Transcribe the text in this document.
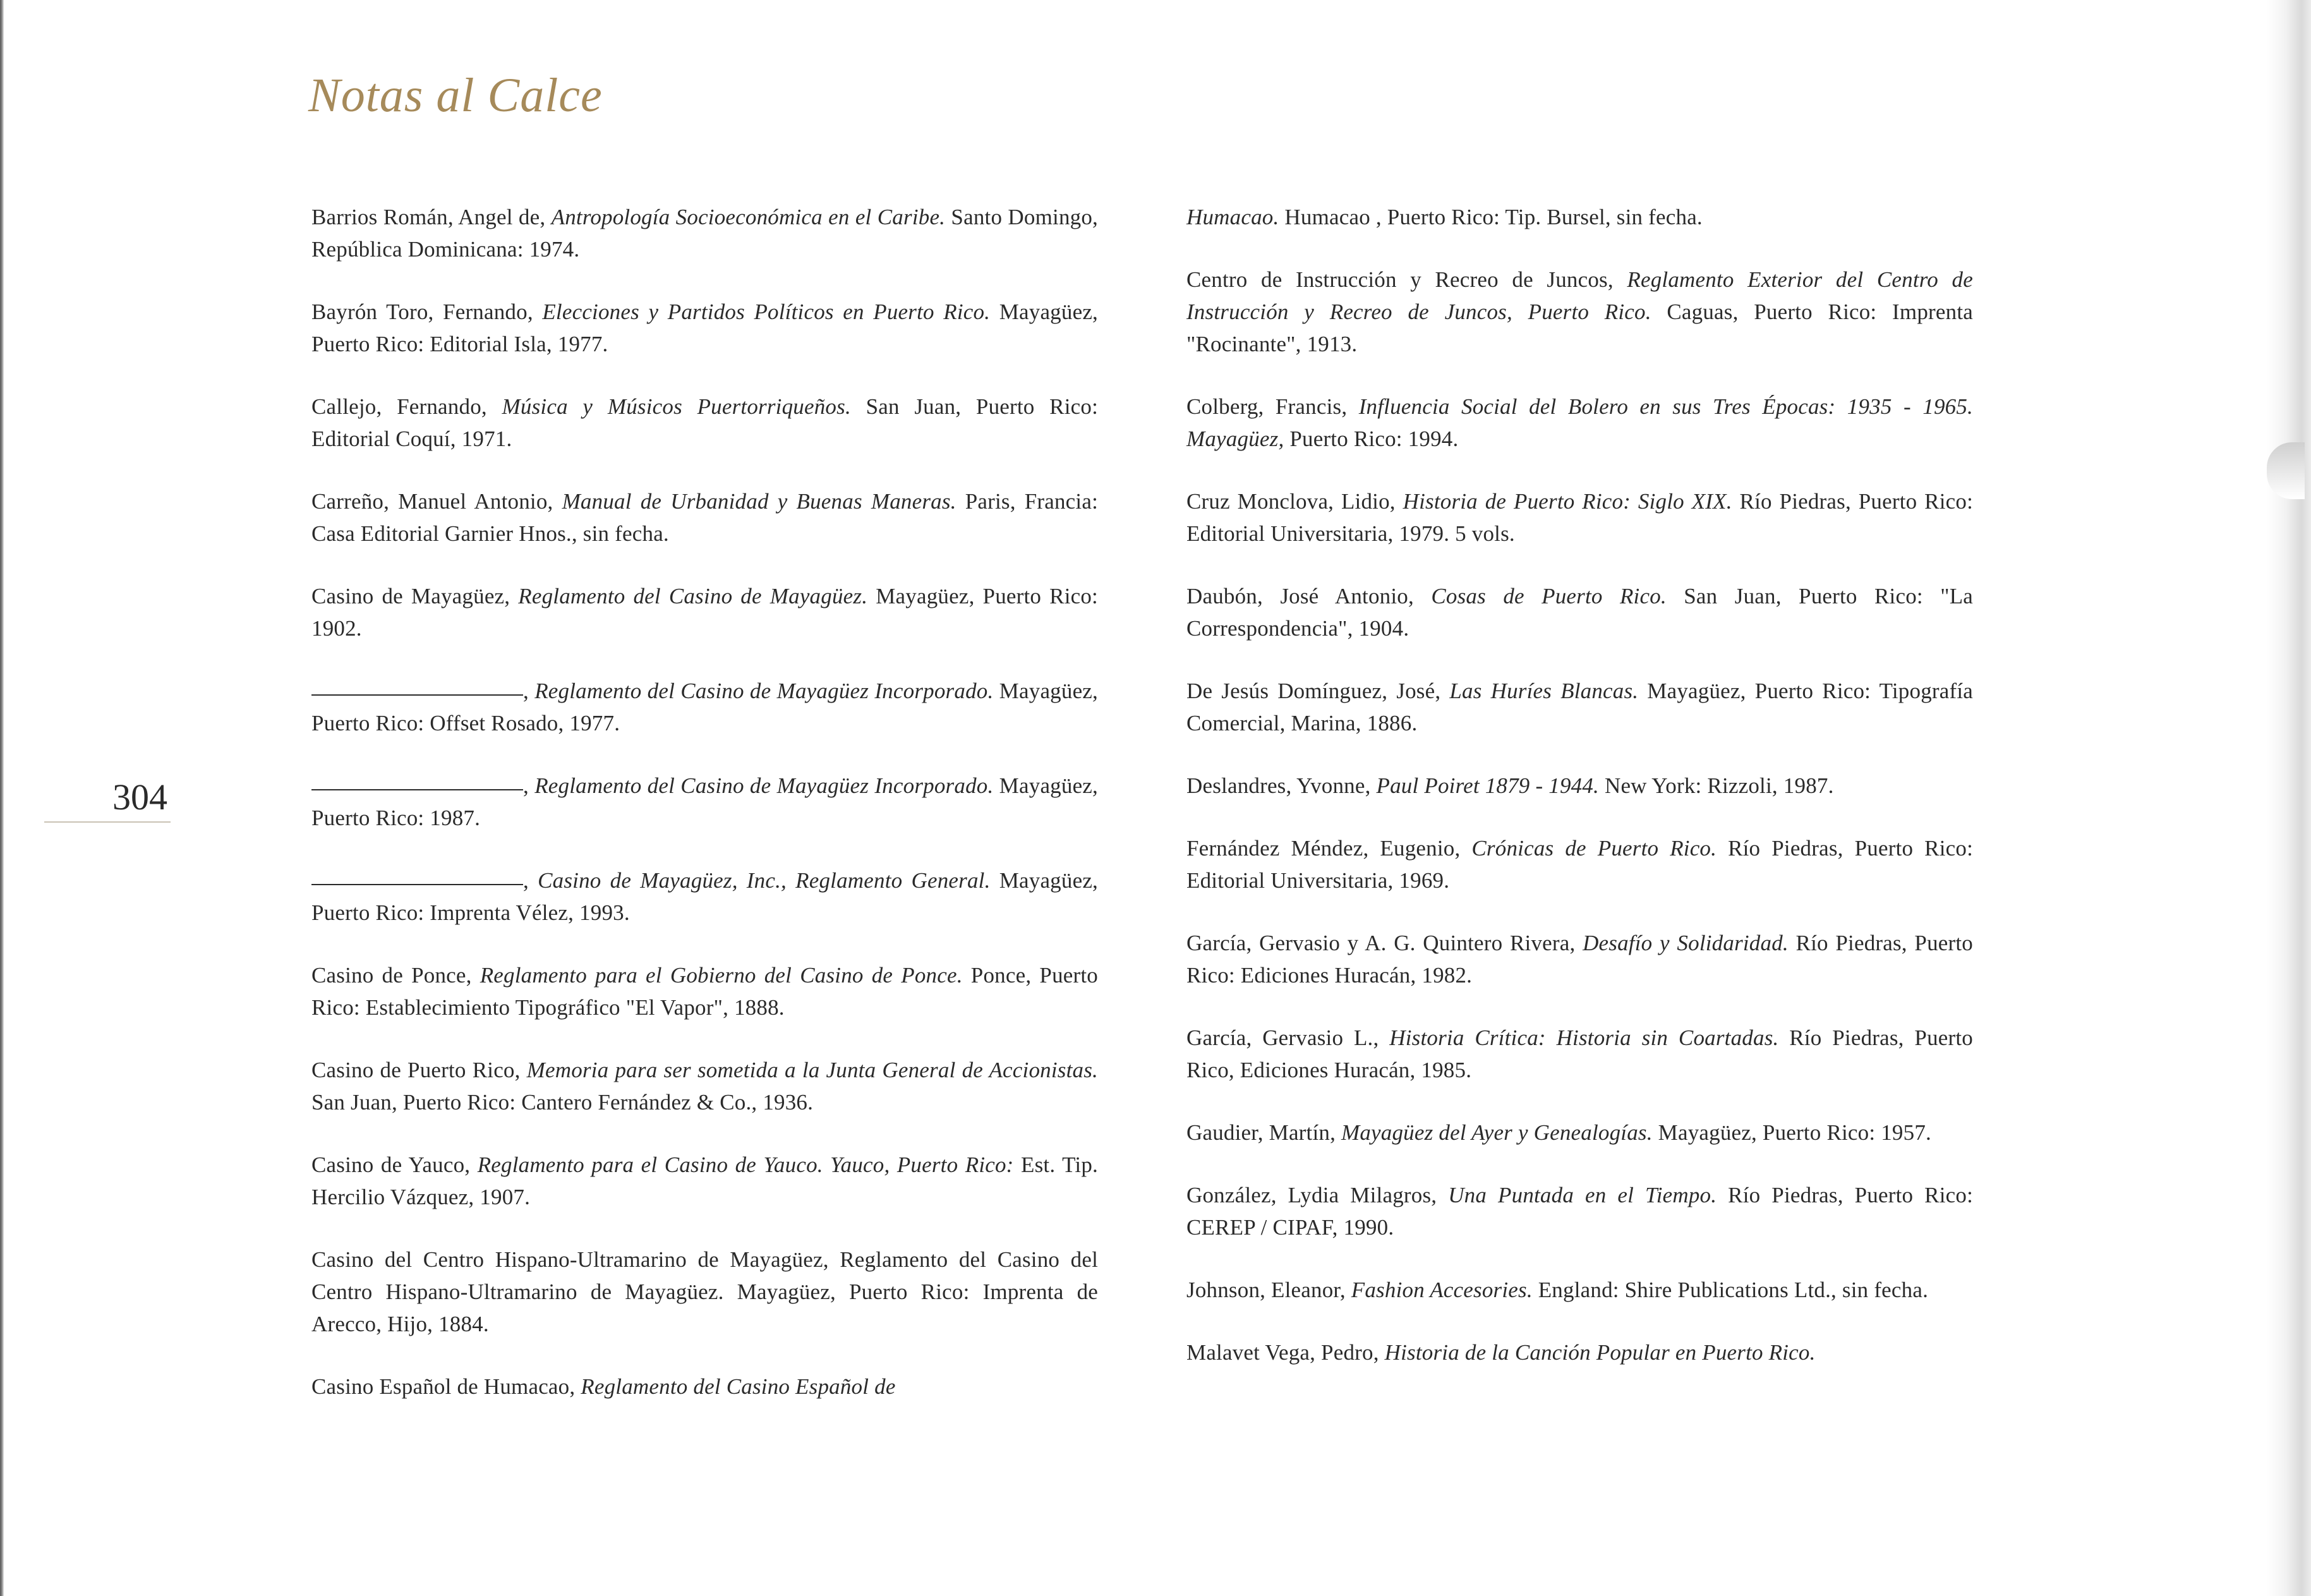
Notas al Calce
304

Barrios Román, Angel de, Antropología Socioeconómica en el Caribe. Santo Domingo, República Dominicana: 1974.

Bayrón Toro, Fernando, Elecciones y Partidos Políticos en Puerto Rico. Mayagüez, Puerto Rico: Editorial Isla, 1977.

Callejo, Fernando, Música y Músicos Puertorriqueños. San Juan, Puerto Rico: Editorial Coquí, 1971.

Carreño, Manuel Antonio, Manual de Urbanidad y Buenas Maneras. Paris, Francia: Casa Editorial Garnier Hnos., sin fecha.

Casino de Mayagüez, Reglamento del Casino de Mayagüez. Mayagüez, Puerto Rico: 1902.

, Reglamento del Casino de Mayagüez Incorporado. Mayagüez, Puerto Rico: Offset Rosado, 1977.

, Reglamento del Casino de Mayagüez Incorporado. Mayagüez, Puerto Rico: 1987.

, Casino de Mayagüez, Inc., Reglamento General. Mayagüez, Puerto Rico: Imprenta Vélez, 1993.

Casino de Ponce, Reglamento para el Gobierno del Casino de Ponce. Ponce, Puerto Rico: Establecimiento Tipográfico "El Vapor", 1888.

Casino de Puerto Rico, Memoria para ser sometida a la Junta General de Accionistas. San Juan, Puerto Rico: Cantero Fernández & Co., 1936.

Casino de Yauco, Reglamento para el Casino de Yauco. Yauco, Puerto Rico: Est. Tip. Hercilio Vázquez, 1907.

Casino del Centro Hispano-Ultramarino de Mayagüez, Reglamento del Casino del Centro Hispano-Ultramarino de Mayagüez. Mayagüez, Puerto Rico: Imprenta de Arecco, Hijo, 1884.

Casino Español de Humacao, Reglamento del Casino Español de

Humacao. Humacao , Puerto Rico: Tip. Bursel, sin fecha.

Centro de Instrucción y Recreo de Juncos, Reglamento Exterior del Centro de Instrucción y Recreo de Juncos, Puerto Rico. Caguas, Puerto Rico: Imprenta "Rocinante", 1913.

Colberg, Francis, Influencia Social del Bolero en sus Tres Épocas: 1935 - 1965. Mayagüez, Puerto Rico: 1994.

Cruz Monclova, Lidio, Historia de Puerto Rico: Siglo XIX. Río Piedras, Puerto Rico: Editorial Universitaria, 1979. 5 vols.

Daubón, José Antonio, Cosas de Puerto Rico. San Juan, Puerto Rico: "La Correspondencia", 1904.

De Jesús Domínguez, José, Las Huríes Blancas. Mayagüez, Puerto Rico: Tipografía Comercial, Marina, 1886.

Deslandres, Yvonne, Paul Poiret 1879 - 1944. New York: Rizzoli, 1987.

Fernández Méndez, Eugenio, Crónicas de Puerto Rico. Río Piedras, Puerto Rico: Editorial Universitaria, 1969.

García, Gervasio y A. G. Quintero Rivera, Desafío y Solidaridad. Río Piedras, Puerto Rico: Ediciones Huracán, 1982.

García, Gervasio L., Historia Crítica: Historia sin Coartadas. Río Piedras, Puerto Rico, Ediciones Huracán, 1985.

Gaudier, Martín, Mayagüez del Ayer y Genealogías. Mayagüez, Puerto Rico: 1957.

González, Lydia Milagros, Una Puntada en el Tiempo. Río Piedras, Puerto Rico: CEREP / CIPAF, 1990.

Johnson, Eleanor, Fashion Accesories. England: Shire Publications Ltd., sin fecha.

Malavet Vega, Pedro, Historia de la Canción Popular en Puerto Rico.
